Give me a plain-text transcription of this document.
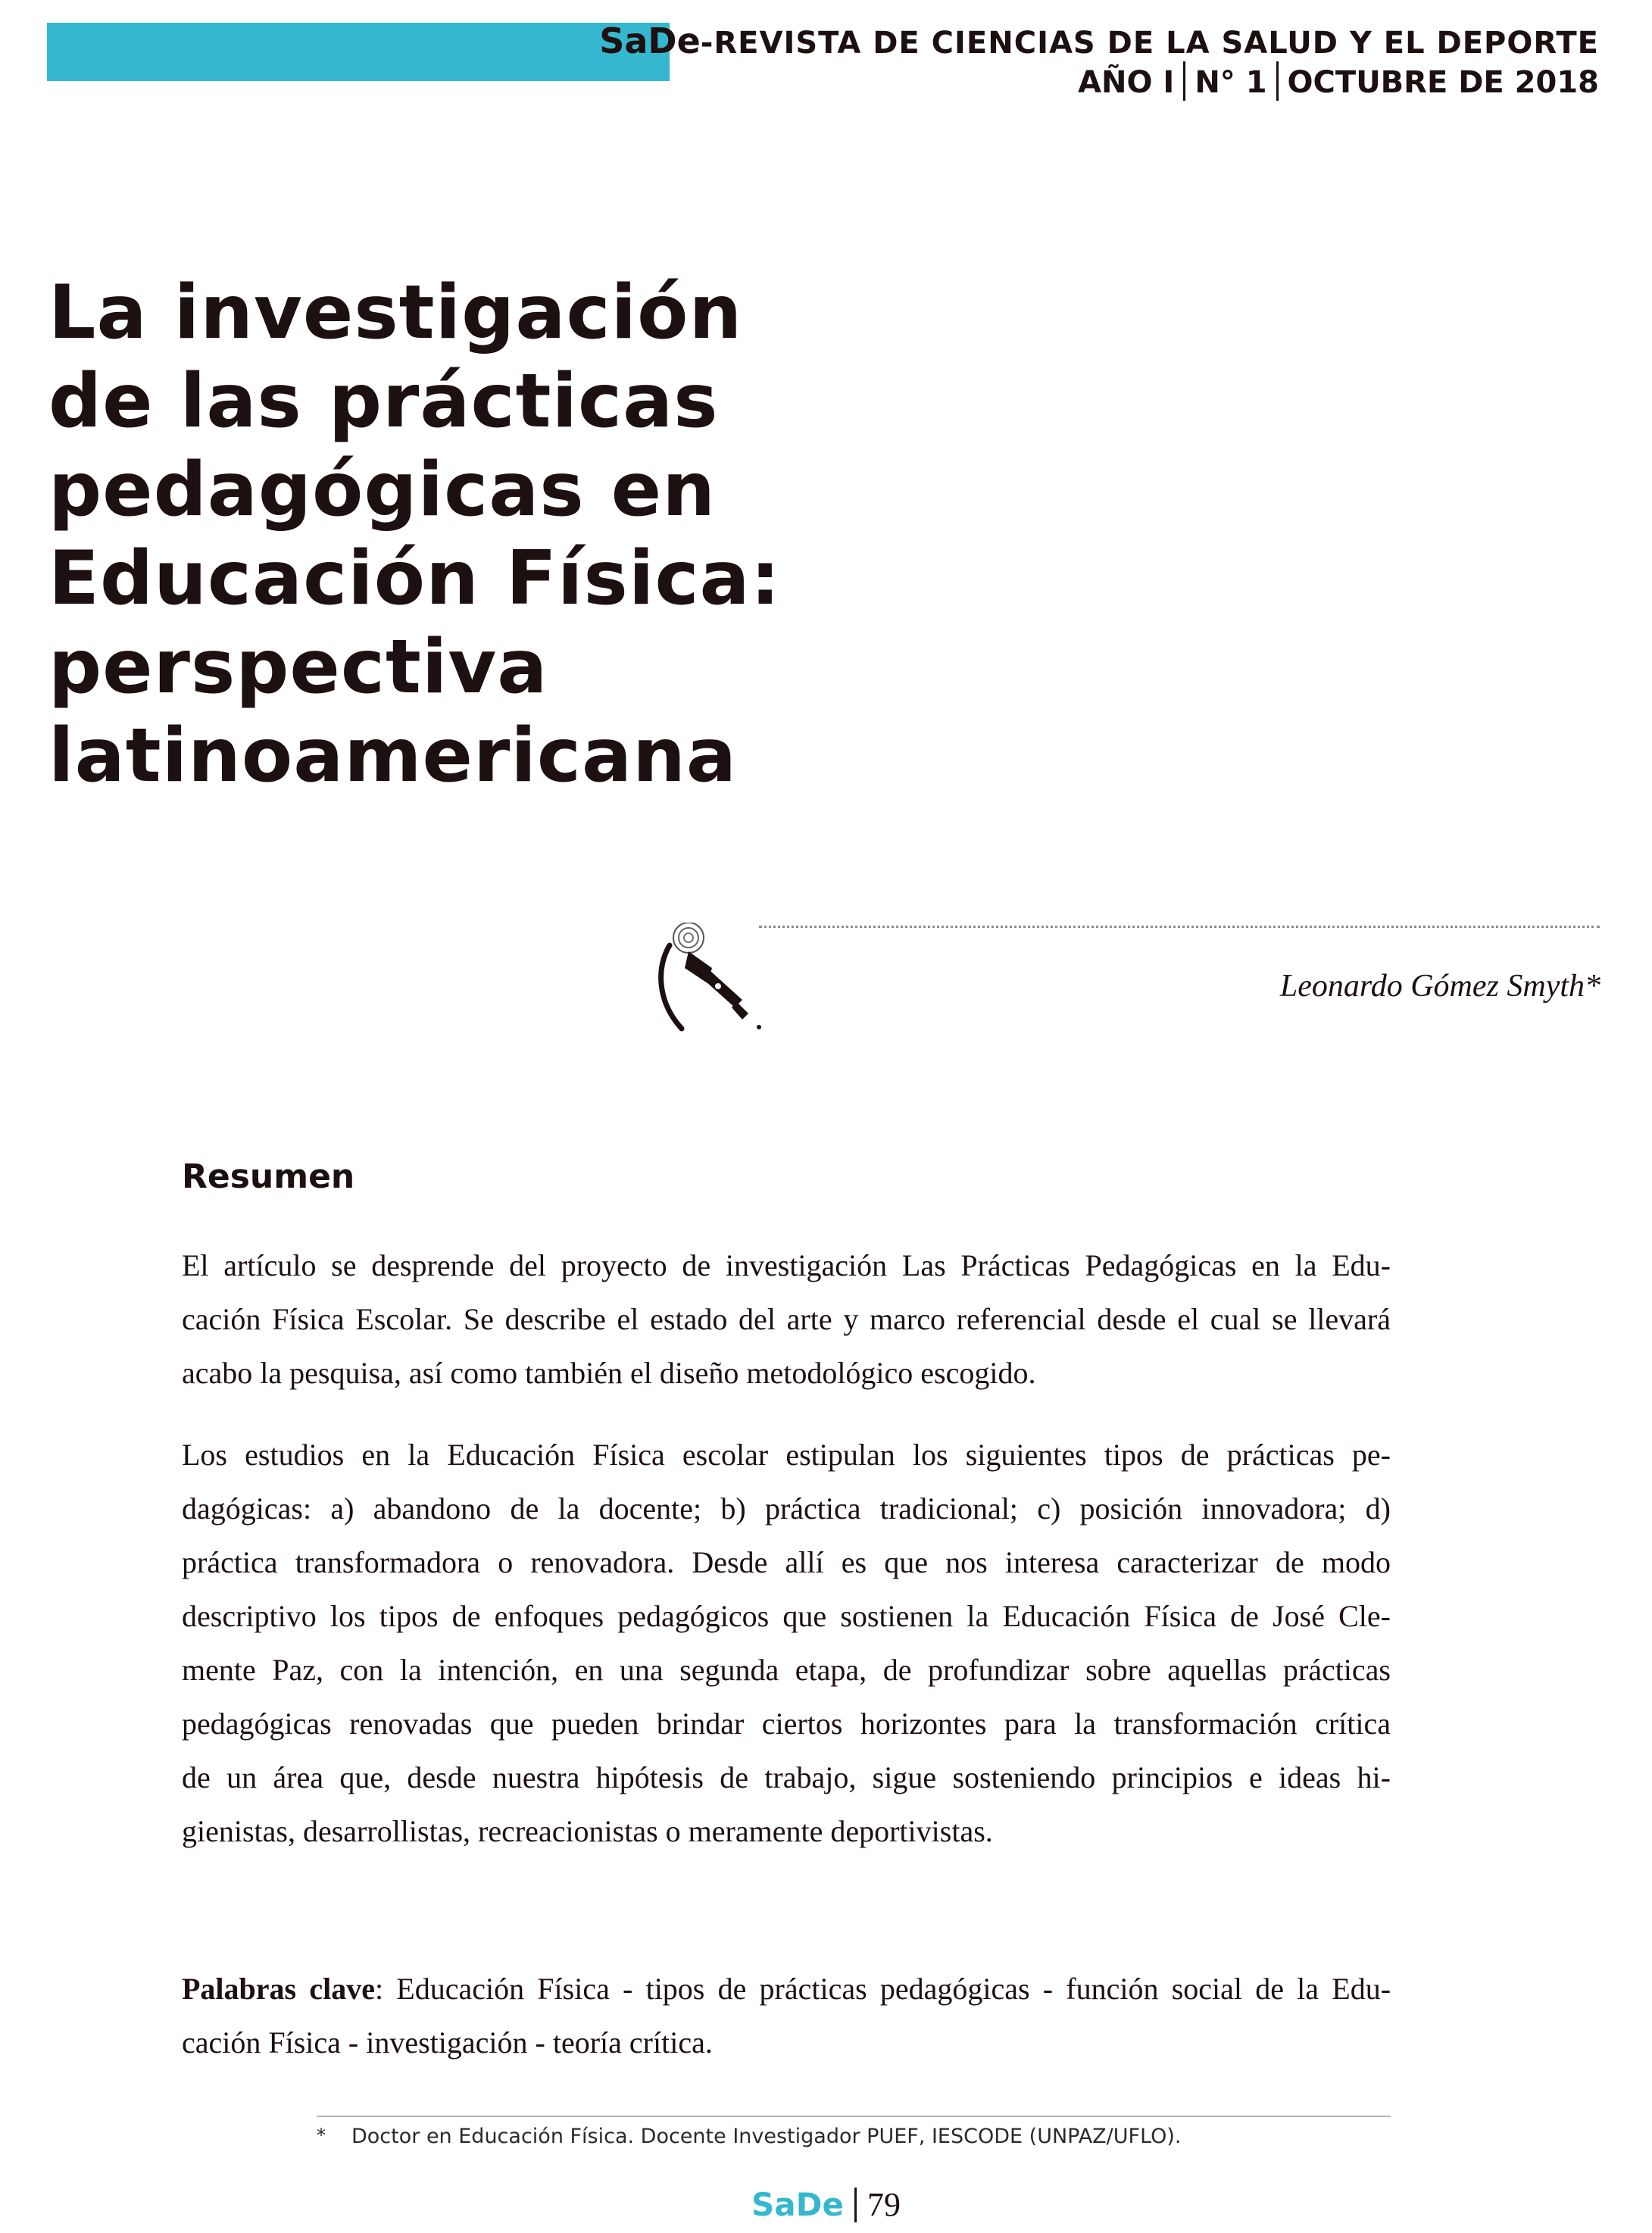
SaDe-REVISTA DE CIENCIAS DE LA SALUD Y EL DEPORTE
AÑO I N° 1 OCTUBRE DE 2018
La investigación
de las prácticas
pedagógicas en
Educación Física:
perspectiva
latinoamericana
Leonardo Gómez Smyth*
Resumen

El artículo se desprende del proyecto de investigación Las Prácticas Pedagógicas en la Edu-
cación Física Escolar. Se describe el estado del arte y marco referencial desde el cual se llevará
acabo la pesquisa, así como también el diseño metodológico escogido.

Los estudios en la Educación Física escolar estipulan los siguientes tipos de prácticas pe-
dagógicas: a) abandono de la docente; b) práctica tradicional; c) posición innovadora; d)
práctica transformadora o renovadora. Desde allí es que nos interesa caracterizar de modo
descriptivo los tipos de enfoques pedagógicos que sostienen la Educación Física de José Cle-
mente Paz, con la intención, en una segunda etapa, de profundizar sobre aquellas prácticas
pedagógicas renovadas que pueden brindar ciertos horizontes para la transformación crítica
de un área que, desde nuestra hipótesis de trabajo, sigue sosteniendo principios e ideas hi-
gienistas, desarrollistas, recreacionistas o meramente deportivistas.

Palabras clave: Educación Física - tipos de prácticas pedagógicas - función social de la Edu-
cación Física - investigación - teoría crítica.

* Doctor en Educación Física. Docente Investigador PUEF, IESCODE (UNPAZ/UFLO).
SaDe 79
